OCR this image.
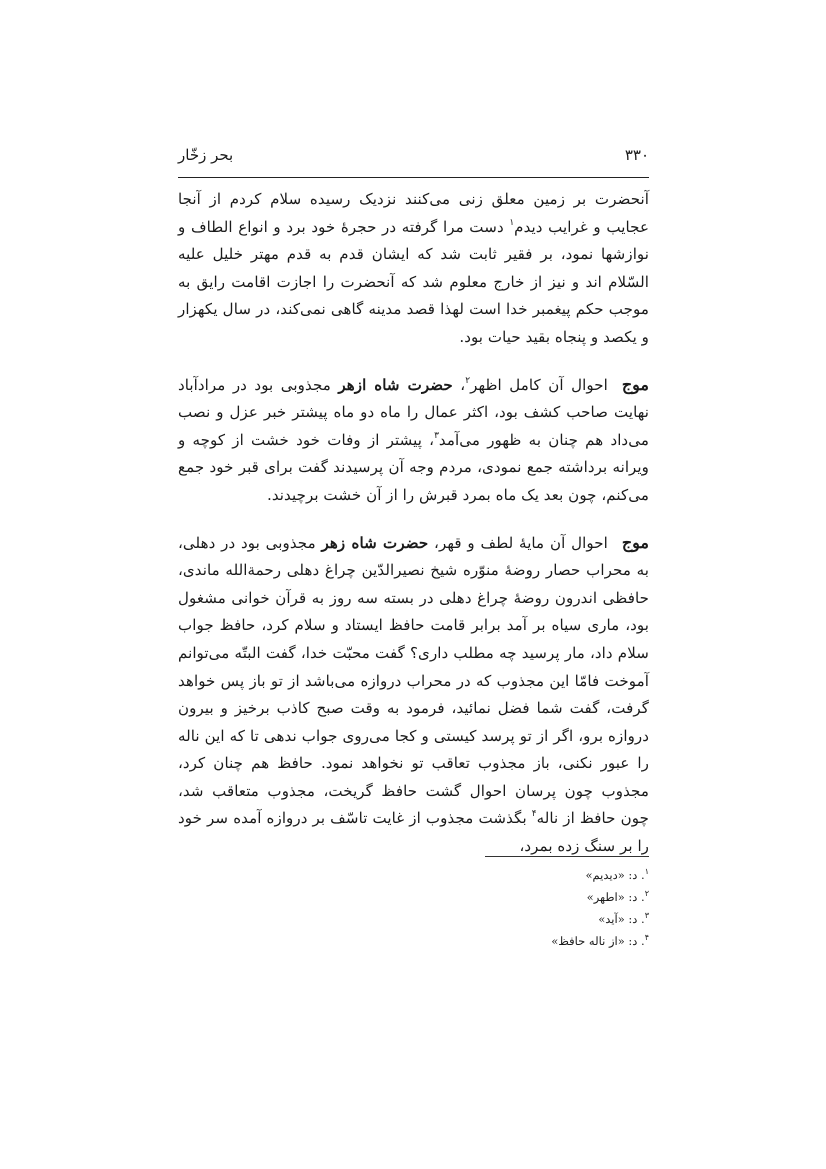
۳۳۰
بحر زخّار

آنحضرت بر زمین معلق زنی می‌کنند نزدیک رسیده سلام کردم از آنجا عجایب و غرایب دیدم$^۱$ دست مرا گرفته در حجرهٔ خود برد و انواع الطاف و نوازشها نمود، بر فقیر ثابت شد که ایشان قدم به قدم مهتر خلیل علیه السّلام اند و نیز از خارج معلوم شد که آنحضرت را اجازت اقامت رایق به موجب حکم پیغمبر خدا است لهذا قصد مدینه گاهی نمی‌کند، در سال یکهزار و یکصد و پنجاه بقید حیات بود.

موجاحوال آن کامل اظهر$^۲$، حضرت شاه ازهر مجذوبی بود در مرادآباد نهایت صاحب کشف بود، اکثر عمال را ماه دو ماه پیشتر خبر عزل و نصب می‌داد هم چنان به ظهور می‌آمد$^۳$، پیشتر از وفات خود خشت از کوچه و ویرانه برداشته جمع نمودی، مردم وجه آن پرسیدند گفت برای قبر خود جمع می‌کنم، چون بعد یک ماه بمرد قبرش را از آن خشت برچیدند.

موجاحوال آن مایهٔ لطف و قهر، حضرت شاه زهر مجذوبی بود در دهلی، به محراب حصار روضهٔ منوّره شیخ نصیرالدّین چراغ دهلی رحمةالله ماندی، حافظی اندرون روضهٔ چراغ دهلی در بسته سه روز به قرآن خوانی مشغول بود، ماری سیاه بر آمد برابر قامت حافظ ایستاد و سلام کرد، حافظ جواب سلام داد، مار پرسید چه مطلب داری؟ گفت محبّت خدا، گفت البتّه می‌توانم آموخت فامّا این مجذوب که در محراب دروازه می‌باشد از تو باز پس خواهد گرفت، گفت شما فضل نمائید، فرمود به وقت صبح کاذب برخیز و بیرون دروازه برو، اگر از تو پرسد کیستی و کجا می‌روی جواب ندهی تا که این ناله را عبور نکنی، باز مجذوب تعاقب تو نخواهد نمود. حافظ هم چنان کرد، مجذوب چون پرسان احوال گشت حافظ گریخت، مجذوب متعاقب شد، چون حافظ از ناله$^۴$ بگذشت مجذوب از غایت تاسّف بر دروازه آمده سر خود را بر سنگ زده بمرد،

$^۱$. د: «دیدیم»

$^۲$. د: «اطهر»

$^۳$. د: «آید»

$^۴$. د: «از ناله حافظ»
